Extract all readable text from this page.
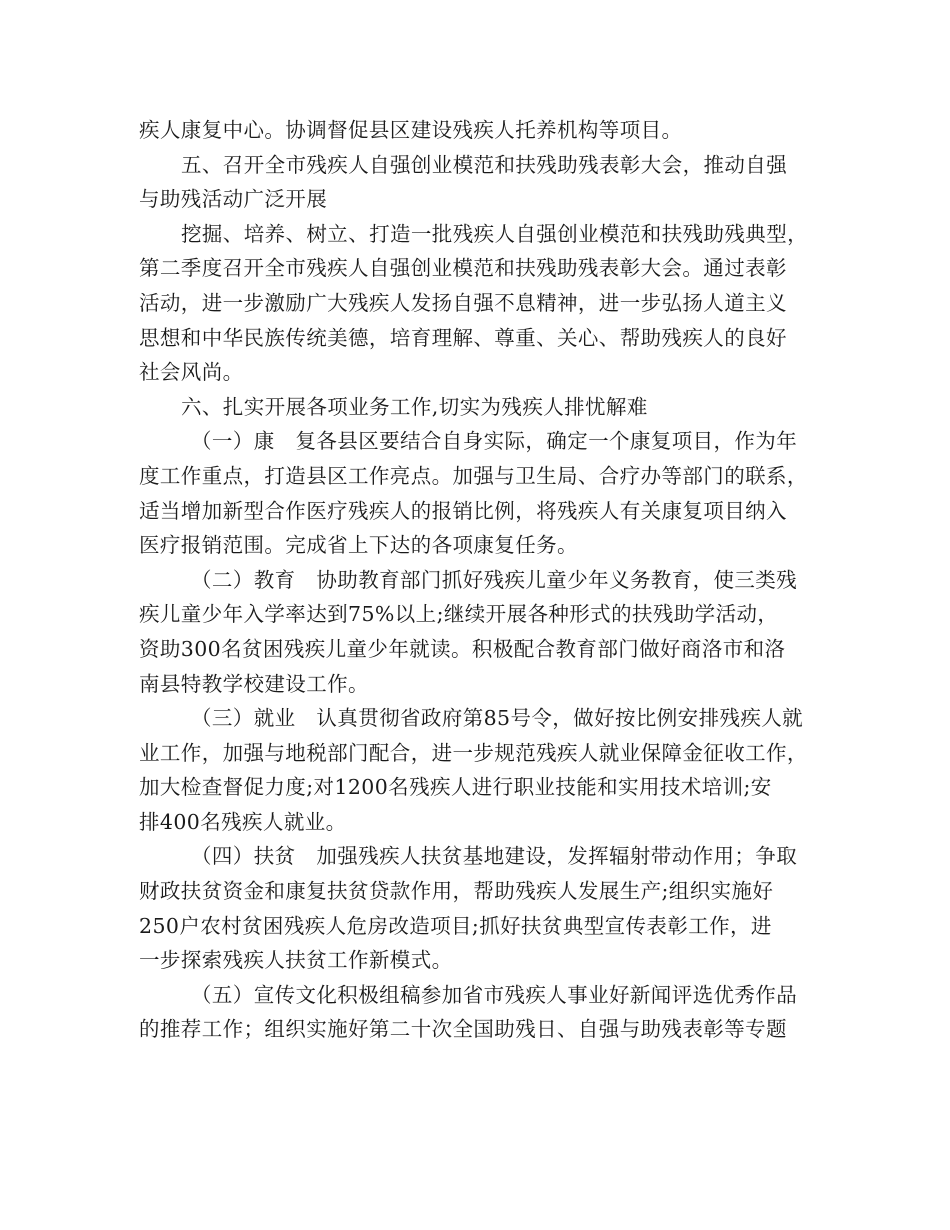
疾人康复中心。协调督促县区建设残疾人托养机构等项目。
五、召开全市残疾人自强创业模范和扶残助残表彰大会，推动自强
与助残活动广泛开展
挖掘、培养、树立、打造一批残疾人自强创业模范和扶残助残典型，
第二季度召开全市残疾人自强创业模范和扶残助残表彰大会。通过表彰
活动，进一步激励广大残疾人发扬自强不息精神，进一步弘扬人道主义
思想和中华民族传统美德，培育理解、尊重、关心、帮助残疾人的良好
社会风尚。
六、扎实开展各项业务工作,切实为残疾人排忧解难
（一）康　复各县区要结合自身实际，确定一个康复项目，作为年
度工作重点，打造县区工作亮点。加强与卫生局、合疗办等部门的联系，
适当增加新型合作医疗残疾人的报销比例，将残疾人有关康复项目纳入
医疗报销范围。完成省上下达的各项康复任务。
（二）教育　协助教育部门抓好残疾儿童少年义务教育，使三类残
疾儿童少年入学率达到75%以上;继续开展各种形式的扶残助学活动，
资助300名贫困残疾儿童少年就读。积极配合教育部门做好商洛市和洛
南县特教学校建设工作。
（三）就业　认真贯彻省政府第85号令，做好按比例安排残疾人就
业工作，加强与地税部门配合，进一步规范残疾人就业保障金征收工作，
加大检查督促力度;对1200名残疾人进行职业技能和实用技术培训;安
排400名残疾人就业。
（四）扶贫　加强残疾人扶贫基地建设，发挥辐射带动作用；争取
财政扶贫资金和康复扶贫贷款作用，帮助残疾人发展生产;组织实施好
250户农村贫困残疾人危房改造项目;抓好扶贫典型宣传表彰工作，进
一步探索残疾人扶贫工作新模式。
（五）宣传文化积极组稿参加省市残疾人事业好新闻评选优秀作品
的推荐工作；组织实施好第二十次全国助残日、自强与助残表彰等专题
